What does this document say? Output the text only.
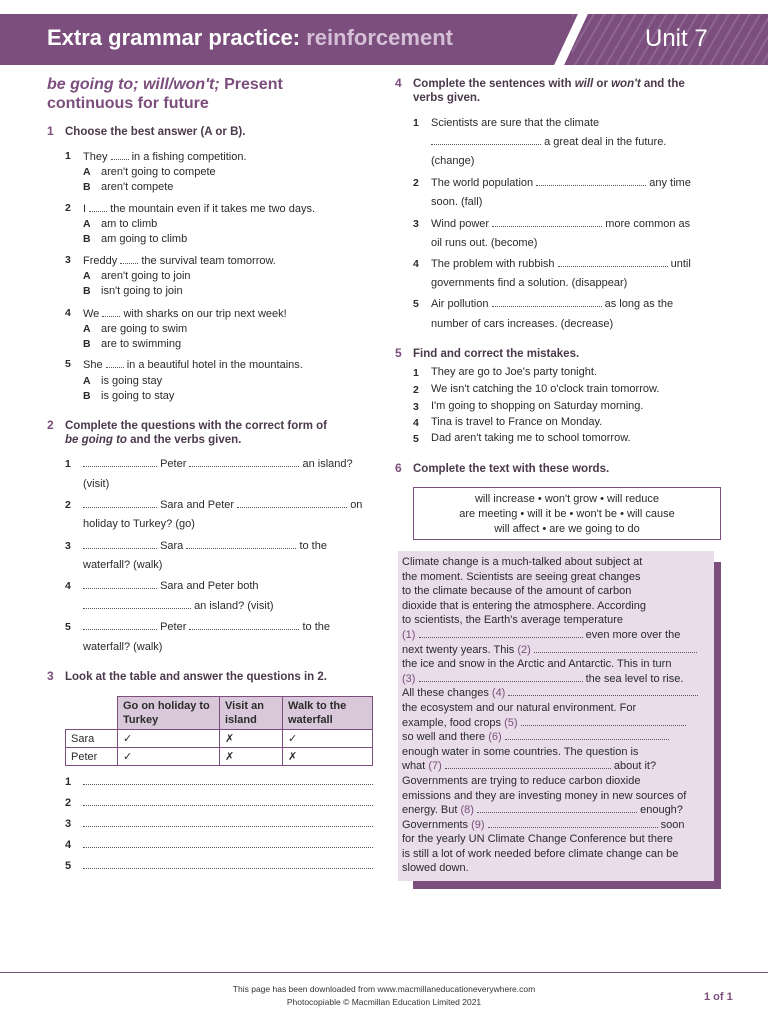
Extra grammar practice: reinforcement	Unit 7
be going to; will/won't; Present
continuous for future
1 Choose the best answer (A or B).
1 They in a fishing competition.
A aren't going to compete
B aren't compete
2 I the mountain even if it takes me two days.
A am to climb
B am going to climb
3 Freddy the survival team tomorrow.
A aren't going to join
B isn't going to join
4 We with sharks on our trip next week!
A are going to swim
B are to swimming
5 She in a beautiful hotel in the mountains.
A is going stay
B is going to stay
2 Complete the questions with the correct form of
be going to and the verbs given.
1	Peter	an island?
(visit)
2	Sara and Peter	on
holiday to Turkey? (go)
3	Sara	to the
waterfall? (walk)
4	Sara and Peter both
an island? (visit)
5	Peter	to the
waterfall? (walk)
3 Look at the table and answer the questions in 2.
	Go on holiday to Turkey	Visit an island	Walk to the waterfall
Sara	✓	✗	✓
Peter	✓	✗	✗
1
2
3
4
5
4 Complete the sentences with will or won't and the
verbs given.
1 Scientists are sure that the climate
a great deal in the future.
(change)
2 The world population	any time
soon. (fall)
3 Wind power	more common as
oil runs out. (become)
4 The problem with rubbish	until
governments find a solution. (disappear)
5 Air pollution	as long as the
number of cars increases. (decrease)
5 Find and correct the mistakes.
1 They are go to Joe's party tonight.
2 We isn't catching the 10 o'clock train tomorrow.
3 I'm going to shopping on Saturday morning.
4 Tina is travel to France on Monday.
5 Dad aren't taking me to school tomorrow.
6 Complete the text with these words.
will increase • won't grow • will reduce
are meeting • will it be • won't be • will cause
will affect • are we going to do
Climate change is a much-talked about subject at
the moment. Scientists are seeing great changes
to the climate because of the amount of carbon
dioxide that is entering the atmosphere. According
to scientists, the Earth's average temperature
(1)	even more over the
next twenty years. This (2)
the ice and snow in the Arctic and Antarctic. This in turn
(3)	the sea level to rise.
All these changes (4)
the ecosystem and our natural environment. For
example, food crops (5)
so well and there (6)
enough water in some countries. The question is
what (7)	about it?
Governments are trying to reduce carbon dioxide
emissions and they are investing money in new sources of
energy. But (8)	enough?
Governments (9)	soon
for the yearly UN Climate Change Conference but there
is still a lot of work needed before climate change can be
slowed down.
This page has been downloaded from www.macmillaneducationeverywhere.com
Photocopiable © Macmillan Education Limited 2021	1 of 1
